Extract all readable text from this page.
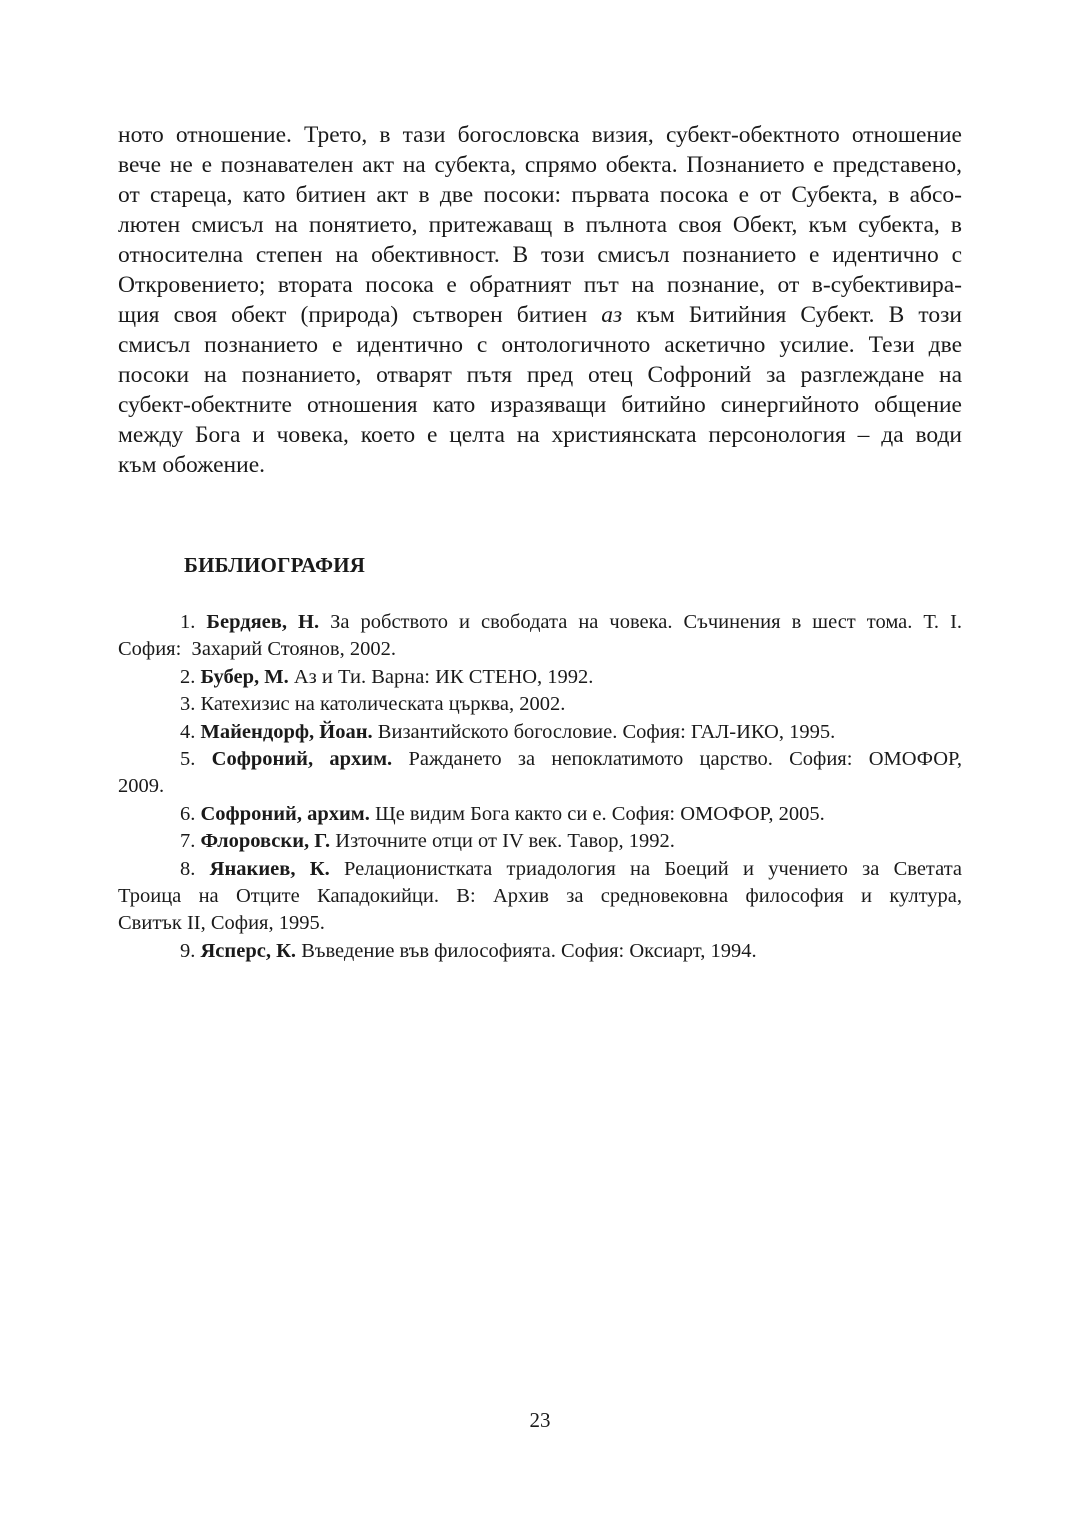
ното отношение. Трето, в тази богословска визия, субект-обектното отношение
вече не е познавателен акт на субекта, спрямо обекта. Познанието е представено,
от стареца, като битиен акт в две посоки: първата посока е от Субекта, в абсо-
лютен смисъл на понятието, притежаващ в пълнота своя Обект, към субекта, в
относителна степен на обективност. В този смисъл познанието е идентично с
Откровението; втората посока е обратният път на познание, от в-субективира-
щия своя обект (природа) сътворен битиен аз към Битийния Субект. В този
смисъл познанието е идентично с онтологичното аскетично усилие. Тези две
посоки на познанието, отварят пътя пред отец Софроний за разглеждане на
субект-обектните отношения като изразяващи битийно синергийното общение
между Бога и човека, което е целта на християнската персонология – да води
към обожение.
БИБЛИОГРАФИЯ
1. Бердяев, Н. За робството и свободата на човека. Съчинения в шест тома. Т. I.
София:  Захарий Стоянов, 2002.
2. Бубер, М. Аз и Ти. Варна: ИК СТЕНО, 1992.
3. Катехизис на католическата църква, 2002.
4. Майендорф, Йоан. Византийското богословие. София: ГАЛ-ИКО, 1995.
5. Софроний, архим. Раждането за непоклатимото царство. София: ОМОФОР,
2009.
6. Софроний, архим. Ще видим Бога както си е. София: ОМОФОР, 2005.
7. Флоровски, Г. Източните отци от IV век. Тавор, 1992.
8. Янакиев, К. Релационистката триадология на Боеций и учението за Светата
Троица на Отците Кападокийци. В: Архив за средновековна философия и култура,
Свитък II, София, 1995.
9. Ясперс, К. Въведение във философията. София: Оксиарт, 1994.
23
